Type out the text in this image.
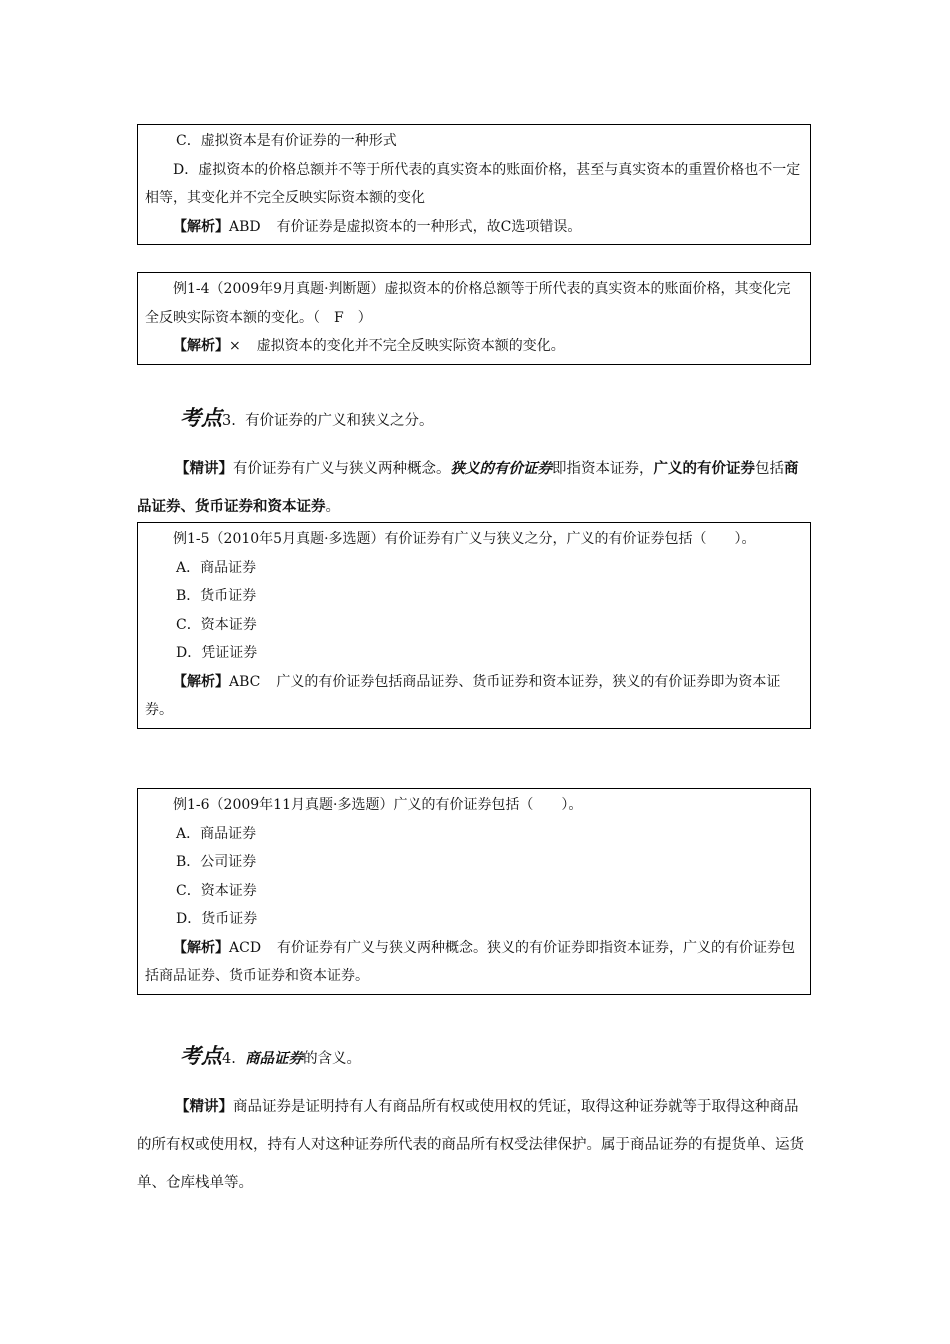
C．虚拟资本是有价证券的一种形式

D．虚拟资本的价格总额并不等于所代表的真实资本的账面价格，甚至与真实资本的重置价格也不一定相等，其变化并不完全反映实际资本额的变化

【解析】ABD 有价证券是虚拟资本的一种形式，故C选项错误。

例1-4（2009年9月真题·判断题）虚拟资本的价格总额等于所代表的真实资本的账面价格，其变化完全反映实际资本额的变化。（　F　）

【解析】× 虚拟资本的变化并不完全反映实际资本额的变化。

考点3. 有价证券的广义和狭义之分。

【精讲】有价证券有广义与狭义两种概念。狭义的有价证券即指资本证券，广义的有价证券包括商品证券、货币证券和资本证券。

例1-5（2010年5月真题·多选题）有价证券有广义与狭义之分，广义的有价证券包括（　　）。

A．商品证券

B．货币证券

C．资本证券

D．凭证证券

【解析】ABC 广义的有价证券包括商品证券、货币证券和资本证券，狭义的有价证券即为资本证券。

例1-6（2009年11月真题·多选题）广义的有价证券包括（　　）。

A．商品证券

B．公司证券

C．资本证券

D．货币证券

【解析】ACD 有价证券有广义与狭义两种概念。狭义的有价证券即指资本证券，广义的有价证券包括商品证券、货币证券和资本证券。

考点4. 商品证券的含义。

【精讲】商品证券是证明持有人有商品所有权或使用权的凭证，取得这种证券就等于取得这种商品的所有权或使用权，持有人对这种证券所代表的商品所有权受法律保护。属于商品证券的有提货单、运货单、仓库栈单等。
